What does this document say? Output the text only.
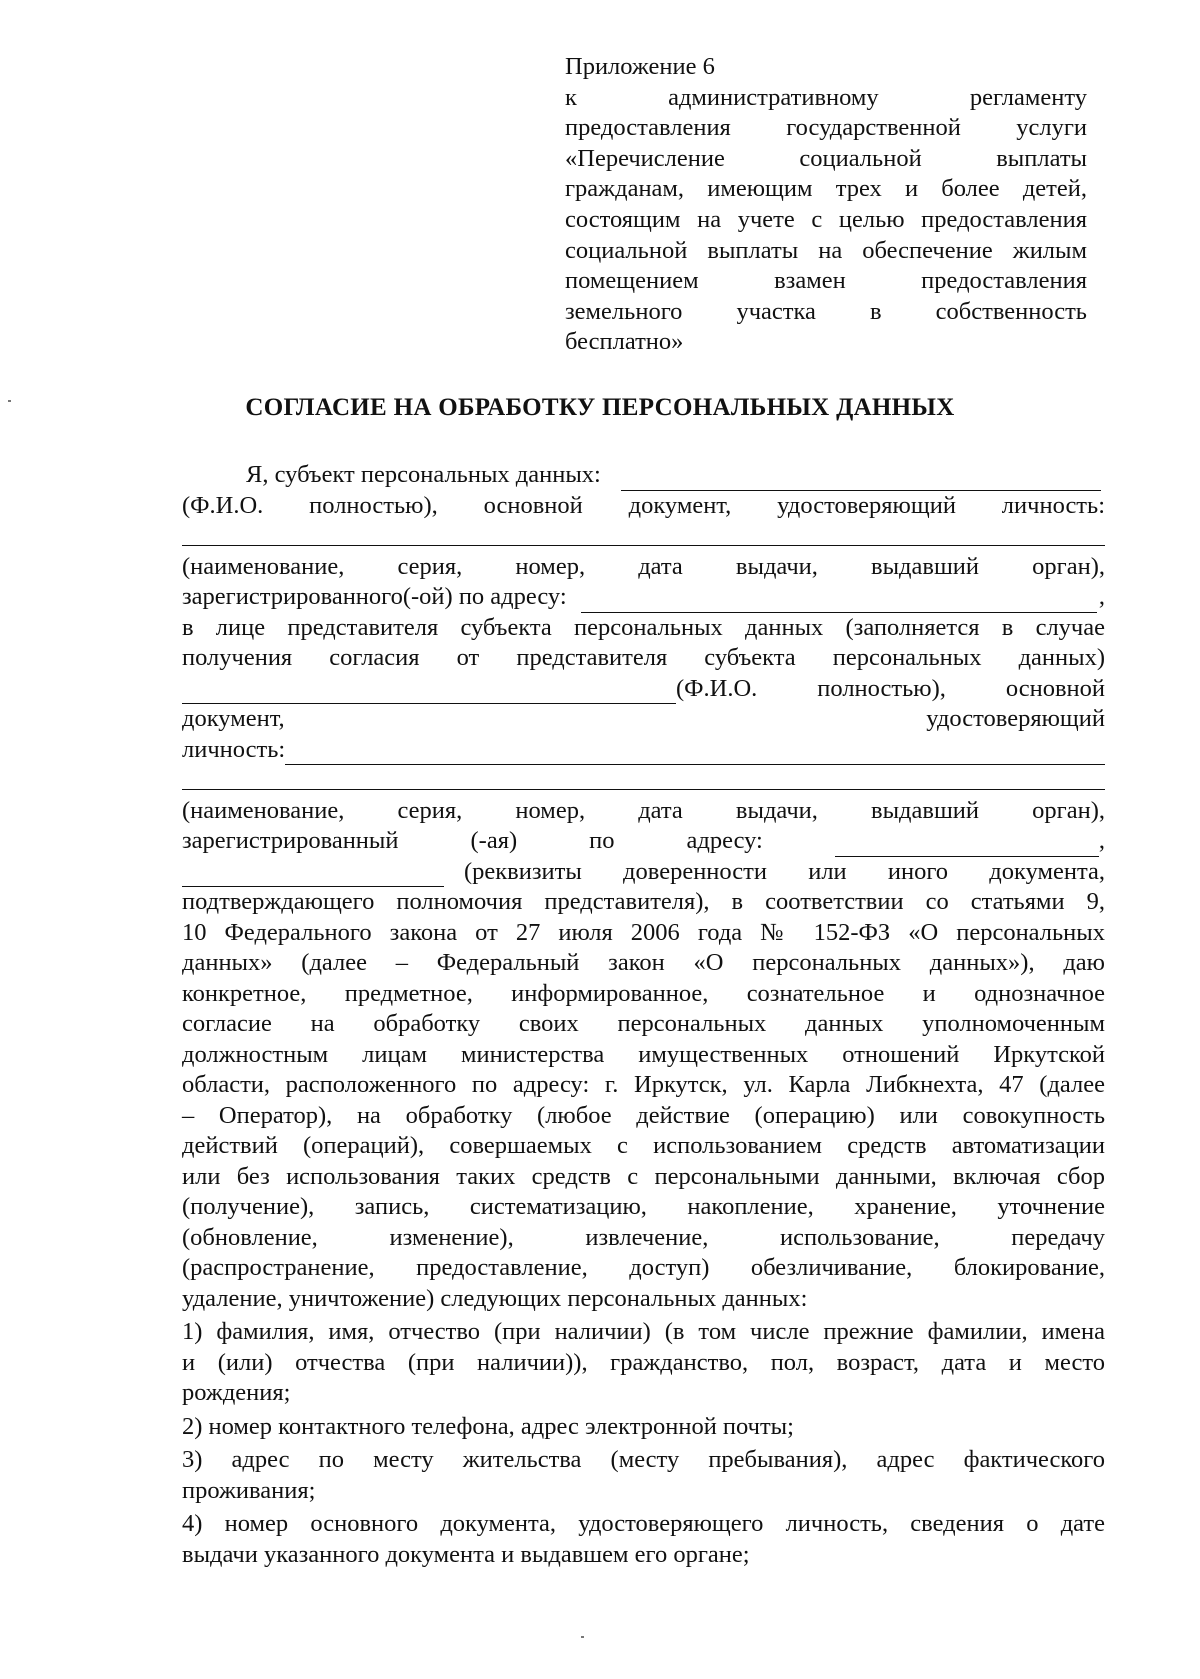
Приложение 6
к административному регламенту
предоставления государственной услуги
«Перечисление социальной выплаты
гражданам, имеющим трех и более детей,
состоящим на учете с целью предоставления
социальной выплаты на обеспечение жилым
помещением взамен предоставления
земельного участка в собственность
бесплатно»
СОГЛАСИЕ НА ОБРАБОТКУ ПЕРСОНАЛЬНЫХ ДАННЫХ
Я, субъект персональных данных:
(Ф.И.О. полностью), основной документ, удостоверяющий личность:
(наименование, серия, номер, дата выдачи, выдавший орган),
зарегистрированного(-ой) по адресу:	,
в лице представителя субъекта персональных данных (заполняется в случае
получения согласия от представителя субъекта персональных данных)
(Ф.И.О. полностью), основной
документ,	удостоверяющий
личность:
(наименование, серия, номер, дата выдачи, выдавший орган),
зарегистрированный	(-ая)	по	адресу:	,
(реквизиты доверенности или иного документа,
подтверждающего полномочия представителя), в соответствии со статьями 9,
10 Федерального закона от 27 июля 2006 года № 152-ФЗ «О персональных
данных» (далее – Федеральный закон «О персональных данных»), даю
конкретное, предметное, информированное, сознательное и однозначное
согласие на обработку своих персональных данных уполномоченным
должностным лицам министерства имущественных отношений Иркутской
области, расположенного по адресу: г. Иркутск, ул. Карла Либкнехта, 47 (далее
– Оператор), на обработку (любое действие (операцию) или совокупность
действий (операций), совершаемых с использованием средств автоматизации
или без использования таких средств с персональными данными, включая сбор
(получение), запись, систематизацию, накопление, хранение, уточнение
(обновление, изменение), извлечение, использование, передачу
(распространение, предоставление, доступ) обезличивание, блокирование,
удаление, уничтожение) следующих персональных данных:
1) фамилия, имя, отчество (при наличии) (в том числе прежние фамилии, имена
и (или) отчества (при наличии)), гражданство, пол, возраст, дата и место
рождения;
2) номер контактного телефона, адрес электронной почты;
3) адрес по месту жительства (месту пребывания), адрес фактического
проживания;
4) номер основного документа, удостоверяющего личность, сведения о дате
выдачи указанного документа и выдавшем его органе;
